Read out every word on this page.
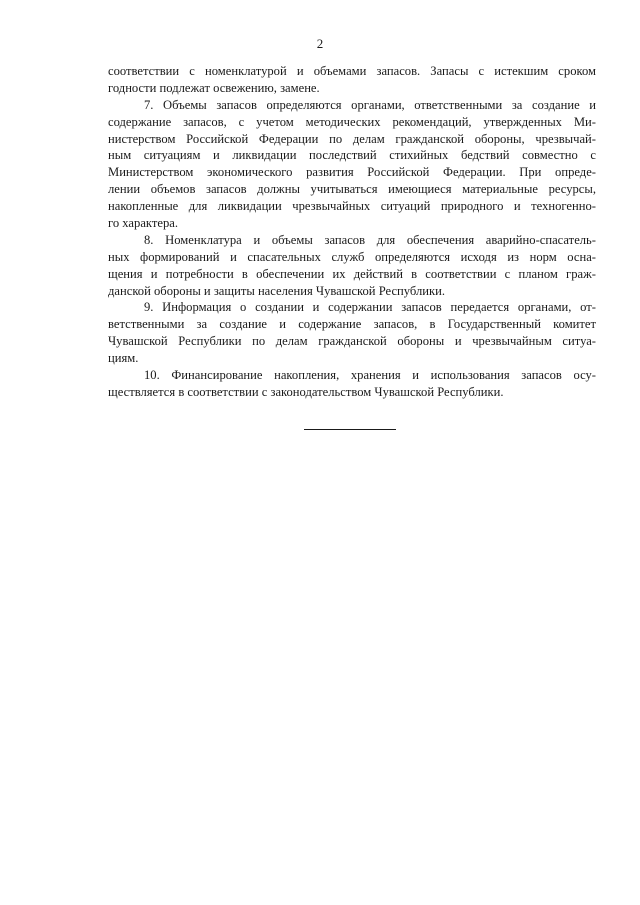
2
соответствии с номенклатурой и объемами запасов. Запасы с истекшим сроком
годности подлежат освежению, замене.
7. Объемы запасов определяются органами, ответственными за создание и
содержание запасов, с учетом методических рекомендаций, утвержденных Ми-
нистерством Российской Федерации по делам гражданской обороны, чрезвычай-
ным ситуациям и ликвидации последствий стихийных бедствий совместно с
Министерством экономического развития Российской Федерации. При опреде-
лении объемов запасов должны учитываться имеющиеся материальные ресурсы,
накопленные для ликвидации чрезвычайных ситуаций природного и техногенно-
го характера.
8. Номенклатура и объемы запасов для обеспечения аварийно-спасатель-
ных формирований и спасательных служб определяются исходя из норм осна-
щения и потребности в обеспечении их действий в соответствии с планом граж-
данской обороны и защиты населения Чувашской Республики.
9. Информация о создании и содержании запасов передается органами, от-
ветственными за создание и содержание запасов, в Государственный комитет
Чувашской Республики по делам гражданской обороны и чрезвычайным ситуа-
циям.
10. Финансирование накопления, хранения и использования запасов осу-
ществляется в соответствии с законодательством Чувашской Республики.
